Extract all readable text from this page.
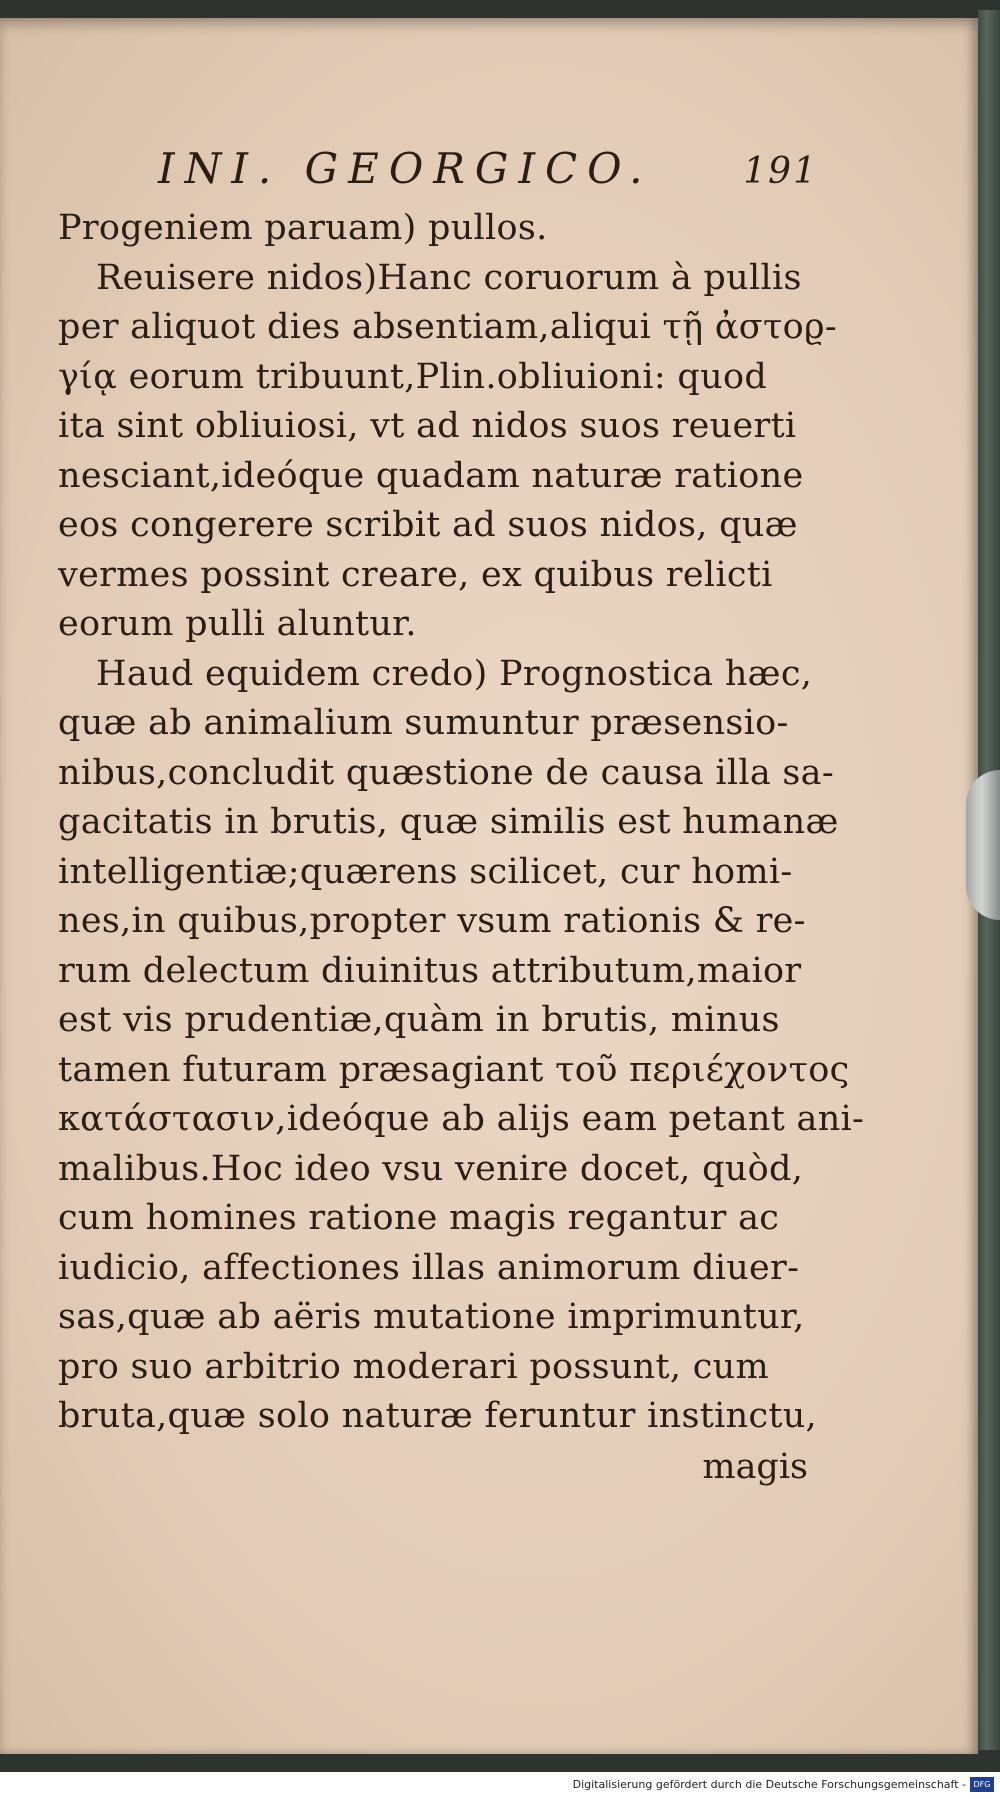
INI. GEORGICO.	191
Progeniem paruam) pullos.
Reuisere nidos)Hanc coruorum à pullis
per aliquot dies absentiam,aliqui τῇ ἀστοϱ-
γίᾳ eorum tribuunt,Plin.obliuioni: quod
ita sint obliuiosi, vt ad nidos suos reuerti
nesciant,ideóque quadam naturæ ratione
eos congerere scribit ad suos nidos, quæ
vermes possint creare, ex quibus relicti
eorum pulli aluntur.
Haud equidem credo) Prognostica hæc,
quæ ab animalium sumuntur præsensio-
nibus,concludit quæstione de causa illa sa-
gacitatis in brutis, quæ similis est humanæ
intelligentiæ;quærens scilicet, cur homi-
nes,in quibus,propter vsum rationis & re-
rum delectum diuinitus attributum,maior
est vis prudentiæ,quàm in brutis, minus
tamen futuram præsagiant τοῦ περιέχοντος
κατάστασιν,ideóque ab alijs eam petant ani-
malibus.Hoc ideo vsu venire docet, quòd,
cum homines ratione magis regantur ac
iudicio, affectiones illas animorum diuer-
sas,quæ ab aëris mutatione imprimuntur,
pro suo arbitrio moderari possunt, cum
bruta,quæ solo naturæ feruntur instinctu,
magis
Digitalisierung gefördert durch die Deutsche Forschungsgemeinschaft - DFG
